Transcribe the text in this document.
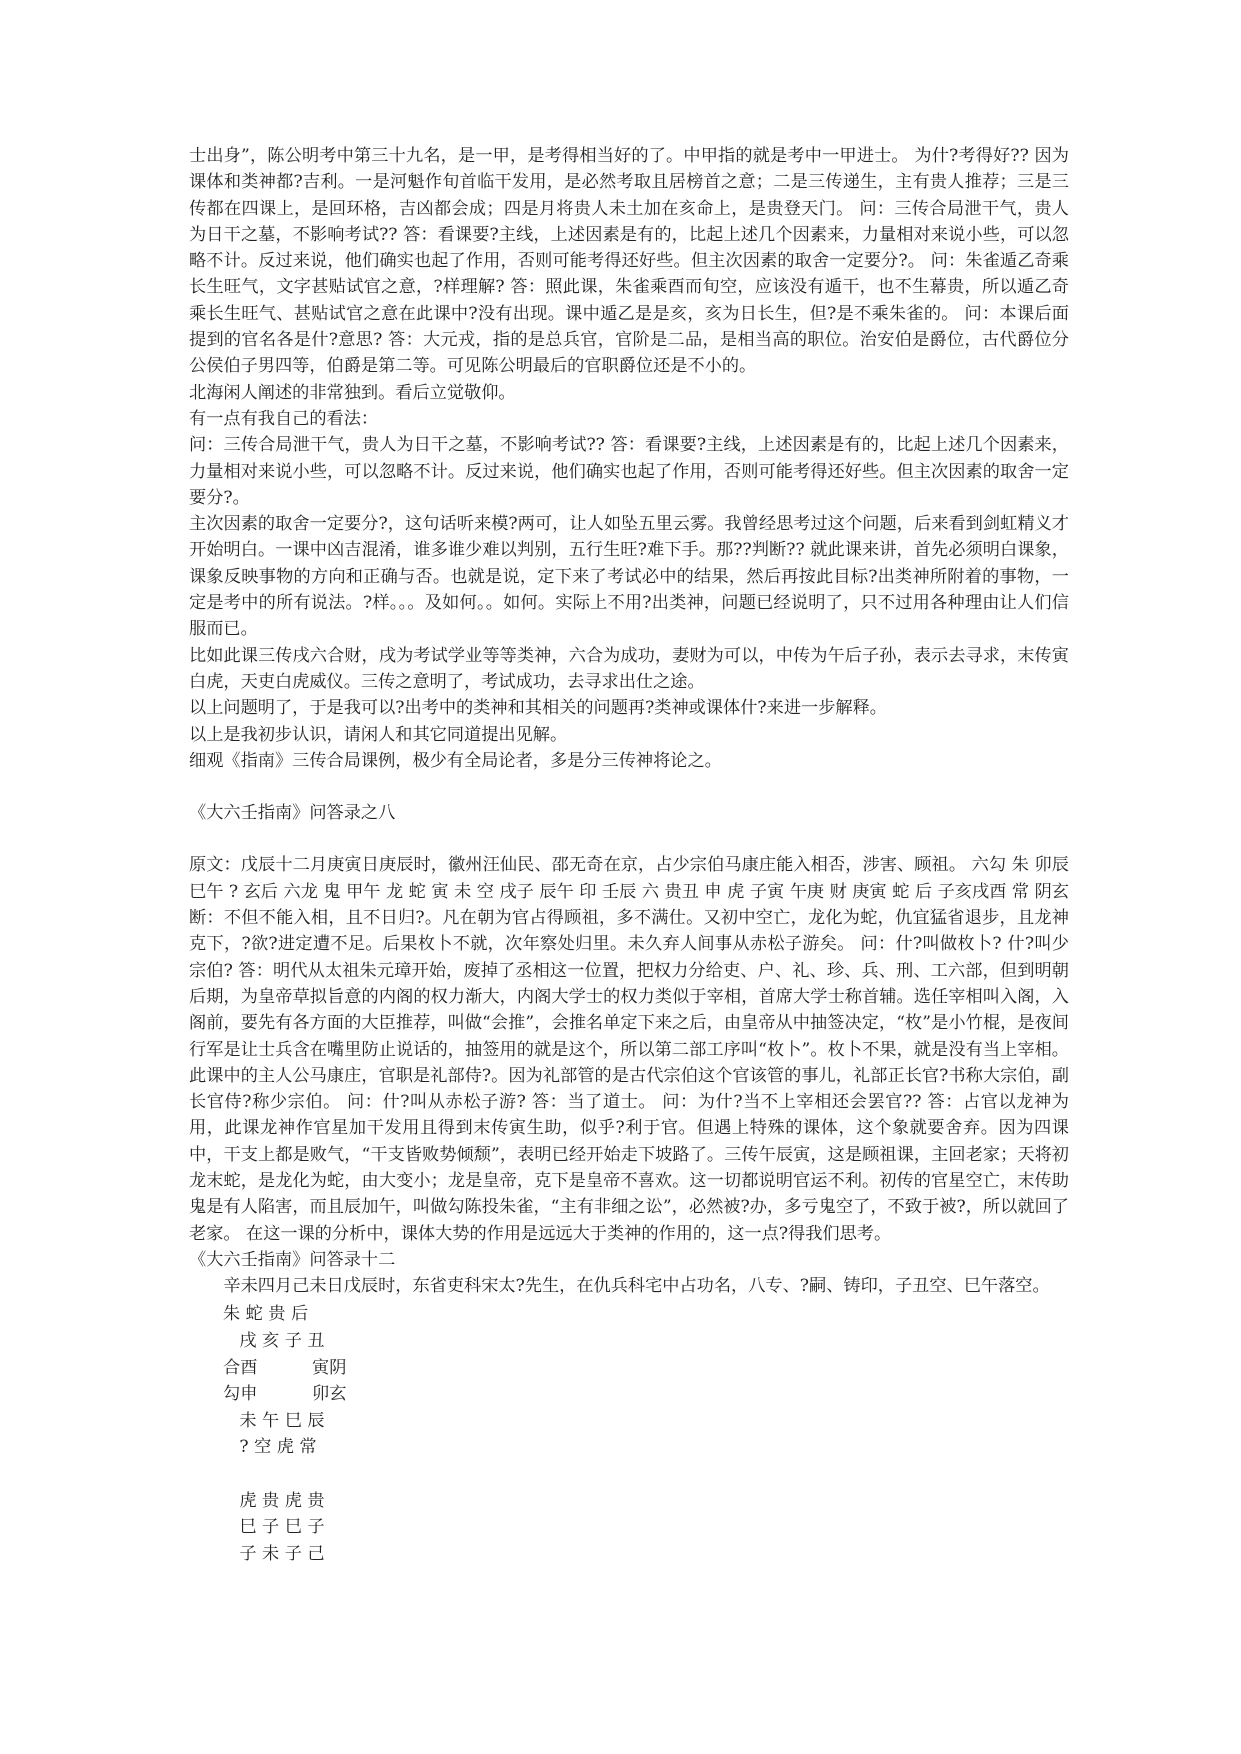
士出身”，陈公明考中第三十九名，是一甲，是考得相当好的了。中甲指的就是考中一甲进士。 为什?考得好?? 因为课体和类神都?吉利。一是河魁作旬首临干发用，是必然考取且居榜首之意；二是三传递生，主有贵人推荐；三是三传都在四课上，是回环格，吉凶都会成；四是月将贵人未土加在亥命上，是贵登天门。 问：三传合局泄干气，贵人为日干之墓，不影响考试?? 答：看课要?主线，上述因素是有的，比起上述几个因素来，力量相对来说小些，可以忽略不计。反过来说，他们确实也起了作用，否则可能考得还好些。但主次因素的取舍一定要分?。 问：朱雀遁乙奇乘长生旺气，文字甚贴试官之意，?样理解? 答：照此课，朱雀乘酉而旬空，应该没有遁干，也不生幕贵，所以遁乙奇乘长生旺气、甚贴试官之意在此课中?没有出现。课中遁乙是是亥，亥为日长生，但?是不乘朱雀的。 问：本课后面提到的官名各是什?意思? 答：大元戎，指的是总兵官，官阶是二品，是相当高的职位。治安伯是爵位，古代爵位分公侯伯子男四等，伯爵是第二等。可见陈公明最后的官职爵位还是不小的。

北海闲人阐述的非常独到。看后立觉敬仰。

有一点有我自己的看法：

问：三传合局泄干气，贵人为日干之墓，不影响考试?? 答：看课要?主线，上述因素是有的，比起上述几个因素来，力量相对来说小些，可以忽略不计。反过来说，他们确实也起了作用，否则可能考得还好些。但主次因素的取舍一定要分?。

主次因素的取舍一定要分?，这句话听来模?两可，让人如坠五里云雾。我曾经思考过这个问题，后来看到剑虹精义才开始明白。一课中凶吉混淆，谁多谁少难以判别，五行生旺?难下手。那??判断?? 就此课来讲，首先必须明白课象，课象反映事物的方向和正确与否。也就是说，定下来了考试必中的结果，然后再按此目标?出类神所附着的事物，一定是考中的所有说法。?样。。。及如何。。如何。实际上不用?出类神，问题已经说明了，只不过用各种理由让人们信服而已。

比如此课三传戌六合财，戌为考试学业等等类神，六合为成功，妻财为可以，中传为午后子孙，表示去寻求，末传寅白虎，天吏白虎威仪。三传之意明了，考试成功，去寻求出仕之途。

以上问题明了，于是我可以?出考中的类神和其相关的问题再?类神或课体什?来进一步解释。

以上是我初步认识，请闲人和其它同道提出见解。

细观《指南》三传合局课例，极少有全局论者，多是分三传神将论之。

《大六壬指南》问答录之八

原文：戊辰十二月庚寅日庚辰时，徽州汪仙民、邵无奇在京，占少宗伯马康庄能入相否，涉害、顾祖。 六勾 朱 卯辰巳午 ? 玄后 六龙 鬼 甲午 龙 蛇 寅 未 空 戌子 辰午 印 壬辰 六 贵丑 申 虎 子寅 午庚 财 庚寅 蛇 后 子亥戌酉 常 阴玄 断：不但不能入相，且不日归?。凡在朝为官占得顾祖，多不满仕。又初中空亡，龙化为蛇，仇宜猛省退步，且龙神克下，?欲?进定遭不足。后果枚卜不就，次年察处归里。未久弃人间事从赤松子游矣。 问：什?叫做枚卜? 什?叫少宗伯? 答：明代从太祖朱元璋开始，废掉了丞相这一位置，把权力分给吏、户、礼、珍、兵、刑、工六部，但到明朝后期，为皇帝草拟旨意的内阁的权力渐大，内阁大学士的权力类似于宰相，首席大学士称首辅。选任宰相叫入阁，入阁前，要先有各方面的大臣推荐，叫做“会推”，会推名单定下来之后，由皇帝从中抽签决定，“枚”是小竹棍，是夜间行军是让士兵含在嘴里防止说话的，抽签用的就是这个，所以第二部工序叫“枚卜”。枚卜不果，就是没有当上宰相。 此课中的主人公马康庄，官职是礼部侍?。因为礼部管的是古代宗伯这个官该管的事儿，礼部正长官?书称大宗伯，副长官侍?称少宗伯。 问：什?叫从赤松子游? 答：当了道士。 问：为什?当不上宰相还会罢官?? 答：占官以龙神为用，此课龙神作官星加干发用且得到末传寅生助，似乎?利于官。但遇上特殊的课体，这个象就要舍弃。因为四课中，干支上都是败气，“干支皆败势倾颓”，表明已经开始走下坡路了。三传午辰寅，这是顾祖课，主回老家；天将初龙末蛇，是龙化为蛇，由大变小；龙是皇帝，克下是皇帝不喜欢。这一切都说明官运不利。初传的官星空亡，末传助鬼是有人陷害，而且辰加午，叫做勾陈投朱雀，“主有非细之讼”，必然被?办，多亏鬼空了，不致于被?，所以就回了老家。 在这一课的分析中，课体大势的作用是远远大于类神的作用的，这一点?得我们思考。

《大六壬指南》问答录十二

辛未四月己未日戊辰时，东省吏科宋太?先生，在仇兵科宅中占功名，八专、?嗣、铸印，子丑空、巳午落空。

朱 蛇 贵 后

戌 亥 子 丑

合酉          寅阴

勾申          卯玄

未 午 巳 辰

? 空 虎 常

虎 贵 虎 贵

巳 子 巳 子

子 未 子 己
